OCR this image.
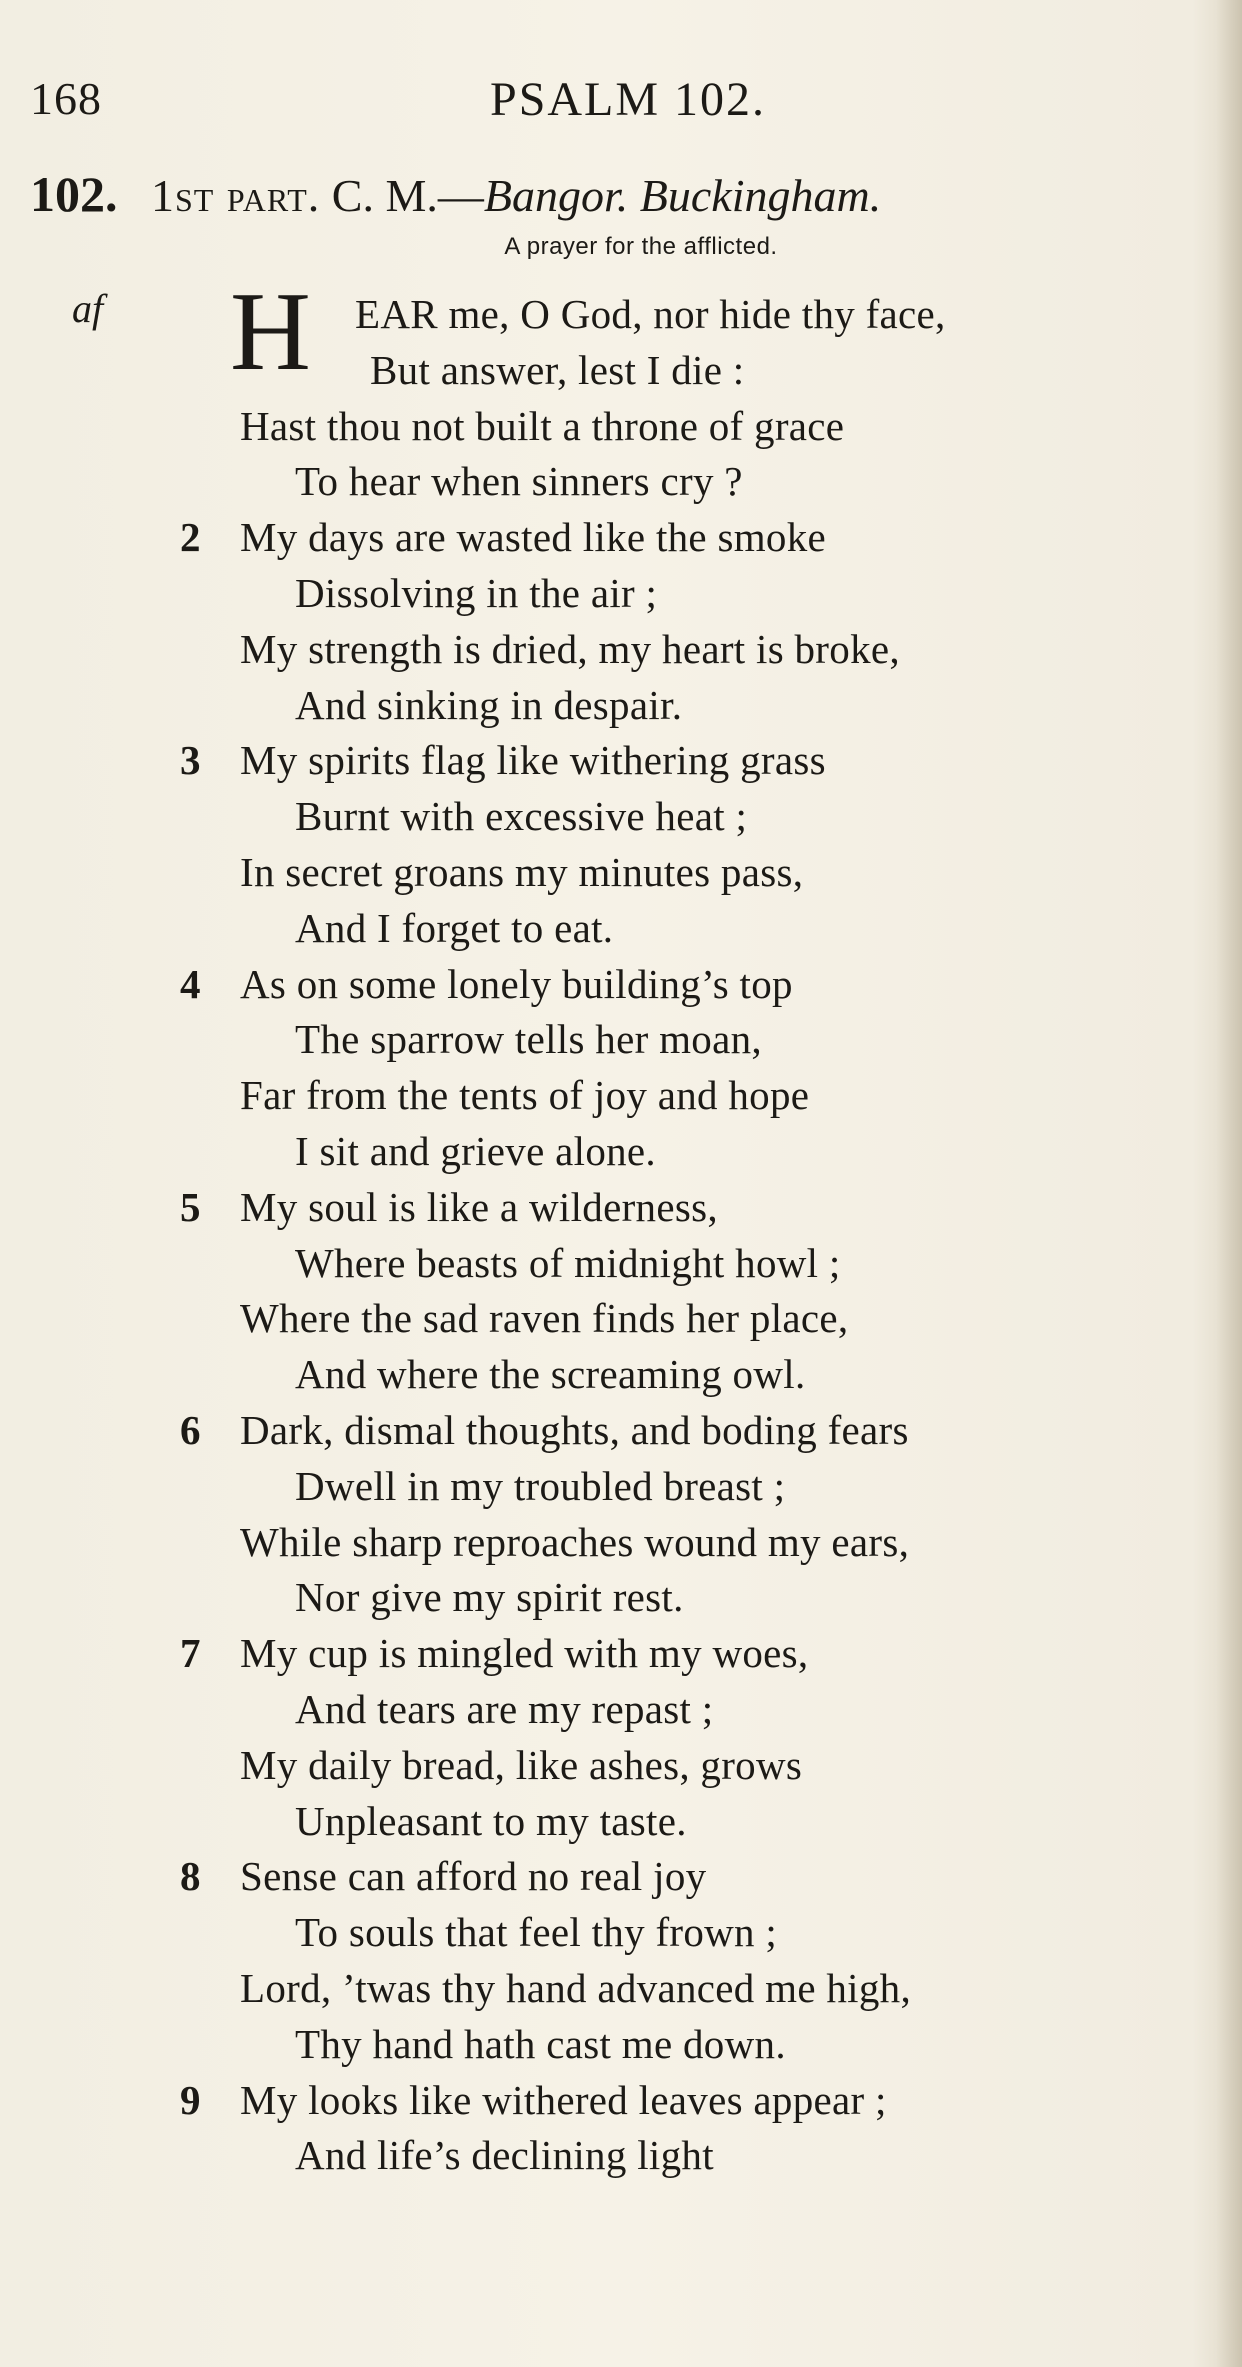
168	PSALM 102.
102. 1st part. C. M.—Bangor. Buckingham.
A prayer for the afflicted.
af H EAR me, O God, nor hide thy face,
But answer, lest I die :
Hast thou not built a throne of grace
To hear when sinners cry ?
2 My days are wasted like the smoke
Dissolving in the air ;
My strength is dried, my heart is broke,
And sinking in despair.
3 My spirits flag like withering grass
Burnt with excessive heat ;
In secret groans my minutes pass,
And I forget to eat.
4 As on some lonely building’s top
The sparrow tells her moan,
Far from the tents of joy and hope
I sit and grieve alone.
5 My soul is like a wilderness,
Where beasts of midnight howl ;
Where the sad raven finds her place,
And where the screaming owl.
6 Dark, dismal thoughts, and boding fears
Dwell in my troubled breast ;
While sharp reproaches wound my ears,
Nor give my spirit rest.
7 My cup is mingled with my woes,
And tears are my repast ;
My daily bread, like ashes, grows
Unpleasant to my taste.
8 Sense can afford no real joy
To souls that feel thy frown ;
Lord, ’twas thy hand advanced me high,
Thy hand hath cast me down.
9 My looks like withered leaves appear ;
And life’s declining light
